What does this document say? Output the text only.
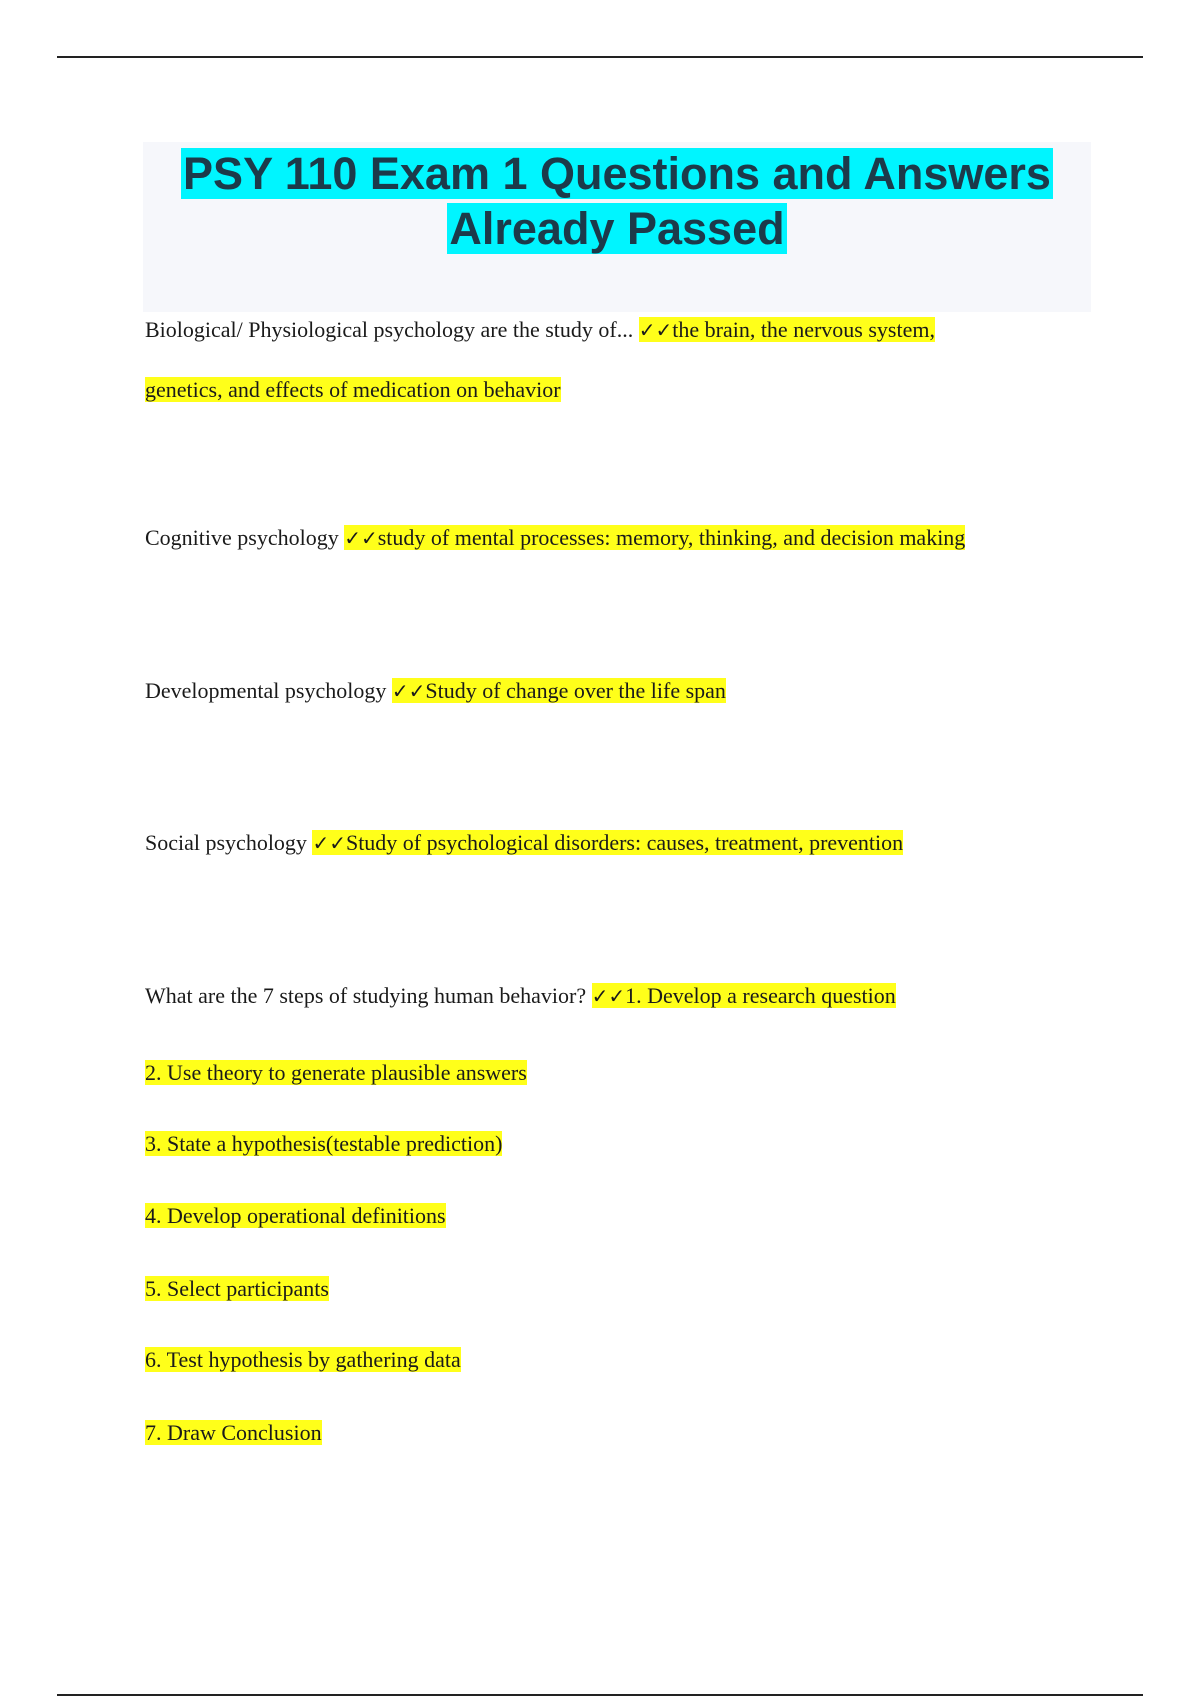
PSY 110 Exam 1 Questions and Answers
Already Passed
Biological/ Physiological psychology are the study of... ✓✓the brain, the nervous system,
genetics, and effects of medication on behavior
Cognitive psychology ✓✓study of mental processes: memory, thinking, and decision making
Developmental psychology ✓✓Study of change over the life span
Social psychology ✓✓Study of psychological disorders: causes, treatment, prevention
What are the 7 steps of studying human behavior? ✓✓1. Develop a research question
2. Use theory to generate plausible answers
3. State a hypothesis(testable prediction)
4. Develop operational definitions
5. Select participants
6. Test hypothesis by gathering data
7. Draw Conclusion
